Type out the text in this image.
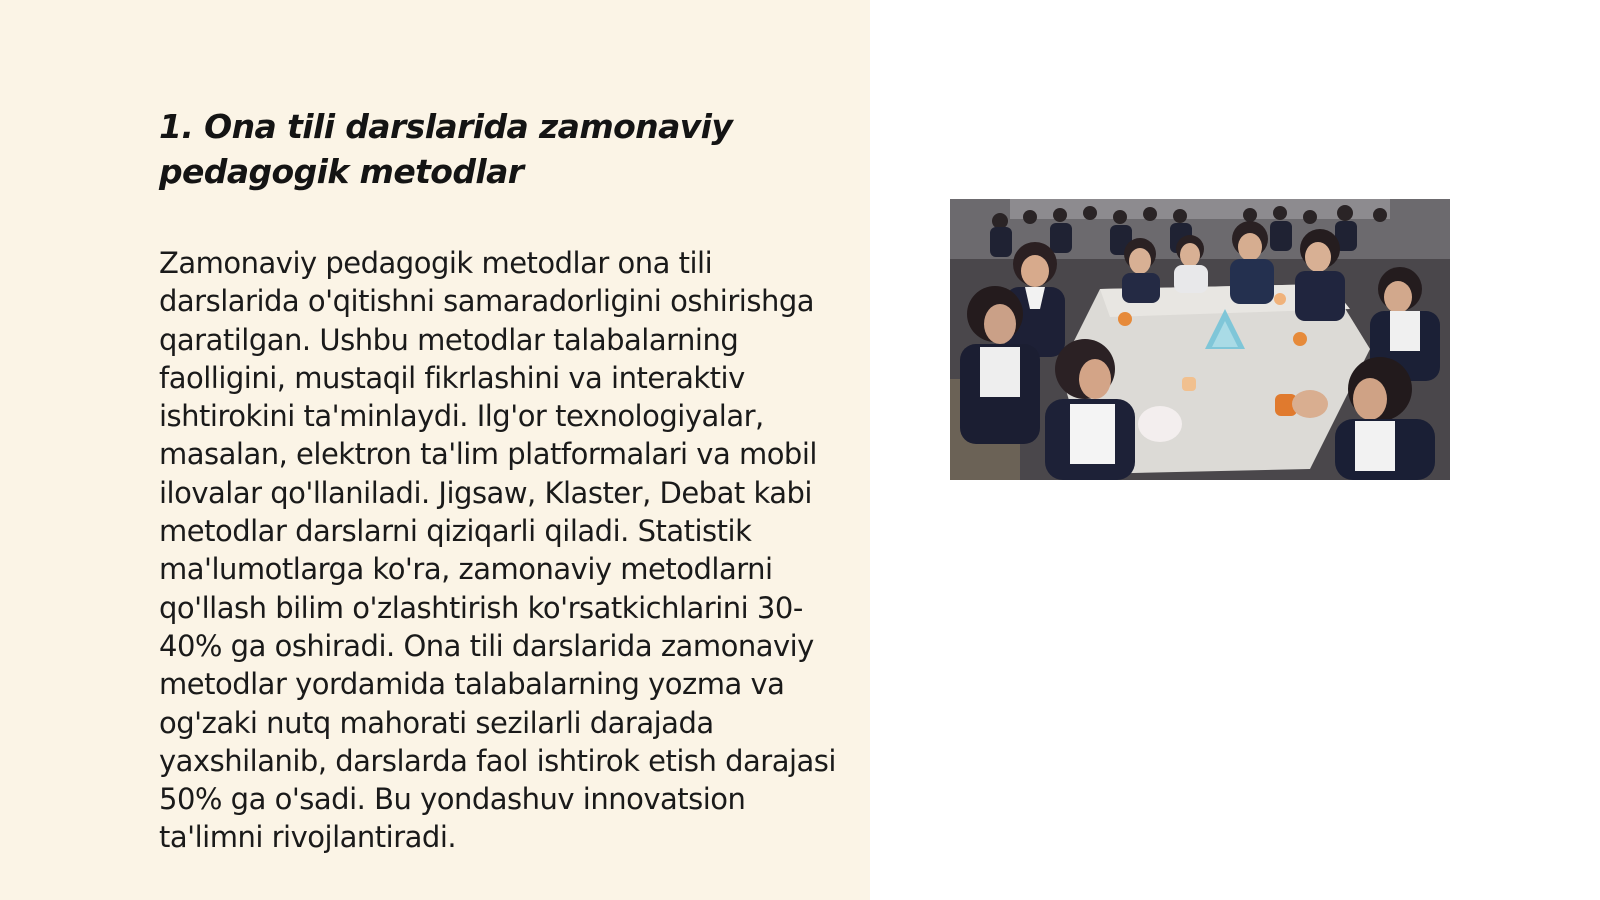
1. Ona tili darslarida zamonaviy pedagogik metodlar

Zamonaviy pedagogik metodlar ona tili darslarida o'qitishni samaradorligini oshirishga qaratilgan. Ushbu metodlar talabalarning faolligini, mustaqil fikrlashini va interaktiv ishtirokini ta'minlaydi. Ilg'or texnologiyalar, masalan, elektron ta'lim platformalari va mobil ilovalar qo'llaniladi. Jigsaw, Klaster, Debat kabi metodlar darslarni qiziqarli qiladi. Statistik ma'lumotlarga ko'ra, zamonaviy metodlarni qo'llash bilim o'zlashtirish ko'rsatkichlarini 30-40% ga oshiradi. Ona tili darslarida zamonaviy metodlar yordamida talabalarning yozma va og'zaki nutq mahorati sezilarli darajada yaxshilanib, darslarda faol ishtirok etish darajasi 50% ga o'sadi. Bu yondashuv innovatsion ta'limni rivojlantiradi.
